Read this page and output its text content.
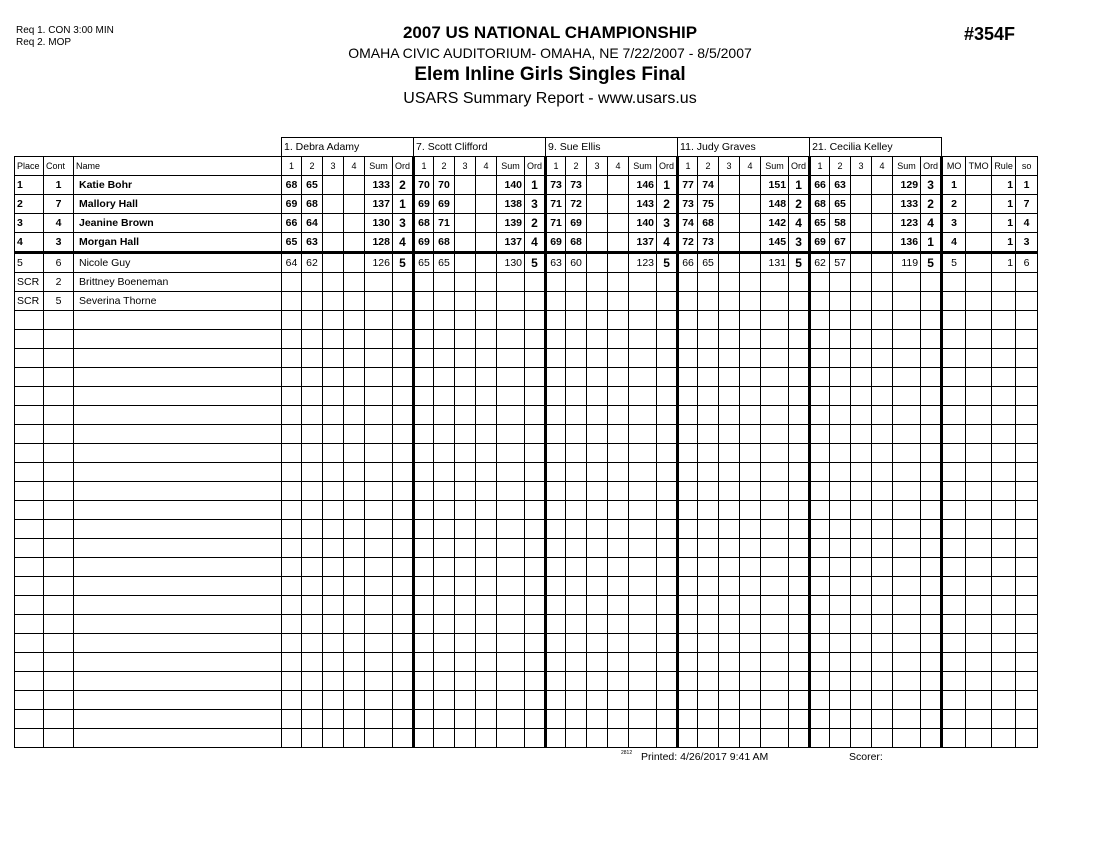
Req 1. CON 3:00 MIN
Req 2. MOP
2007 US NATIONAL CHAMPIONSHIP
OMAHA CIVIC AUDITORIUM- OMAHA, NE 7/22/2007 - 8/5/2007
Elem Inline Girls Singles Final
USARS Summary Report - www.usars.us
#354F
			1. Debra Adamy						7. Scott Clifford						9. Sue Ellis						11. Judy Graves						21. Cecilia Kelley									
Place	Cont	Name	1	2	3	4	Sum	Ord	1	2	3	4	Sum	Ord	1	2	3	4	Sum	Ord	1	2	3	4	Sum	Ord	1	2	3	4	Sum	Ord	MO	TMO	Rule	so
1	1	Katie Bohr	68	65			133	2	70	70			140	1	73	73			146	1	77	74			151	1	66	63			129	3	1		1	1
2	7	Mallory Hall	69	68			137	1	69	69			138	3	71	72			143	2	73	75			148	2	68	65			133	2	2		1	7
3	4	Jeanine Brown	66	64			130	3	68	71			139	2	71	69			140	3	74	68			142	4	65	58			123	4	3		1	4
4	3	Morgan Hall	65	63			128	4	69	68			137	4	69	68			137	4	72	73			145	3	69	67			136	1	4		1	3
5	6	Nicole Guy	64	62			126	5	65	65			130	5	63	60			123	5	66	65			131	5	62	57			119	5	5		1	6
SCR	2	Brittney Boeneman																																		
SCR	5	Severina Thorne																																		

2812 Printed: 4/26/2017 9:41 AM	Scorer:
